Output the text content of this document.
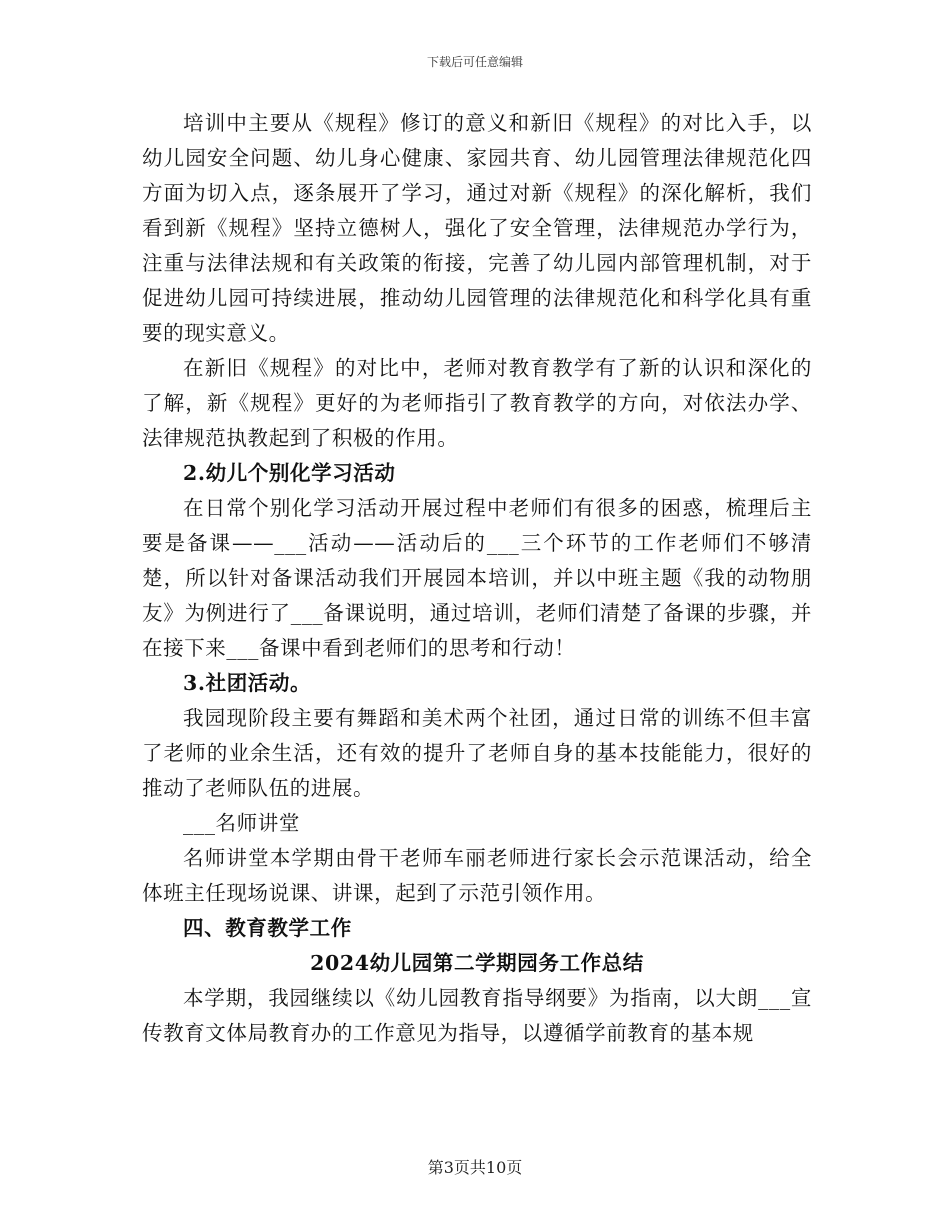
下载后可任意编辑

培训中主要从《规程》修订的意义和新旧《规程》的对比入手，以幼儿园安全问题、幼儿身心健康、家园共育、幼儿园管理法律规范化四方面为切入点，逐条展开了学习，通过对新《规程》的深化解析，我们看到新《规程》坚持立德树人，强化了安全管理，法律规范办学行为，注重与法律法规和有关政策的衔接，完善了幼儿园内部管理机制，对于促进幼儿园可持续进展，推动幼儿园管理的法律规范化和科学化具有重要的现实意义。

在新旧《规程》的对比中，老师对教育教学有了新的认识和深化的了解，新《规程》更好的为老师指引了教育教学的方向，对依法办学、法律规范执教起到了积极的作用。

2.幼儿个别化学习活动

在日常个别化学习活动开展过程中老师们有很多的困惑，梳理后主要是备课——___活动——活动后的___三个环节的工作老师们不够清楚，所以针对备课活动我们开展园本培训，并以中班主题《我的动物朋友》为例进行了___备课说明，通过培训，老师们清楚了备课的步骤，并在接下来___备课中看到老师们的思考和行动！

3.社团活动。

我园现阶段主要有舞蹈和美术两个社团，通过日常的训练不但丰富了老师的业余生活，还有效的提升了老师自身的基本技能能力，很好的推动了老师队伍的进展。

___名师讲堂

名师讲堂本学期由骨干老师车丽老师进行家长会示范课活动，给全体班主任现场说课、讲课，起到了示范引领作用。

四、教育教学工作

2024幼儿园第二学期园务工作总结

本学期，我园继续以《幼儿园教育指导纲要》为指南，以大朗___宣传教育文体局教育办的工作意见为指导，以遵循学前教育的基本规

第3页共10页
